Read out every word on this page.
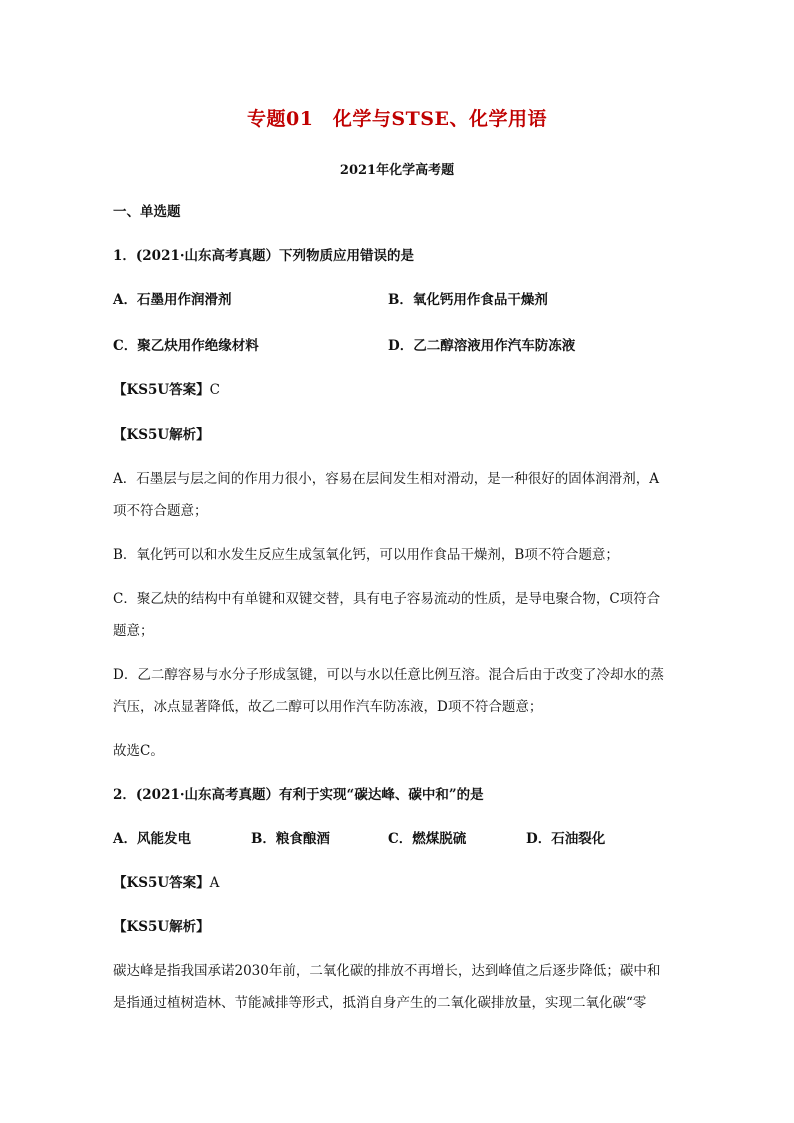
专题01　化学与STSE、化学用语
2021年化学高考题
一、单选题
1．(2021·山东高考真题）下列物质应用错误的是
A．石墨用作润滑剂	B．氧化钙用作食品干燥剂
C．聚乙炔用作绝缘材料	D．乙二醇溶液用作汽车防冻液
【KS5U答案】C
【KS5U解析】
A．石墨层与层之间的作用力很小，容易在层间发生相对滑动，是一种很好的固体润滑剂，A
项不符合题意；
B．氧化钙可以和水发生反应生成氢氧化钙，可以用作食品干燥剂，B项不符合题意；
C．聚乙炔的结构中有单键和双键交替，具有电子容易流动的性质，是导电聚合物，C项符合
题意；
D．乙二醇容易与水分子形成氢键，可以与水以任意比例互溶。混合后由于改变了冷却水的蒸
汽压，冰点显著降低，故乙二醇可以用作汽车防冻液，D项不符合题意；
故选C。
2．(2021·山东高考真题）有利于实现“碳达峰、碳中和”的是
A．风能发电	B．粮食酿酒	C．燃煤脱硫	D．石油裂化
【KS5U答案】A
【KS5U解析】
碳达峰是指我国承诺2030年前，二氧化碳的排放不再增长，达到峰值之后逐步降低；碳中和
是指通过植树造林、节能减排等形式，抵消自身产生的二氧化碳排放量，实现二氧化碳“零
